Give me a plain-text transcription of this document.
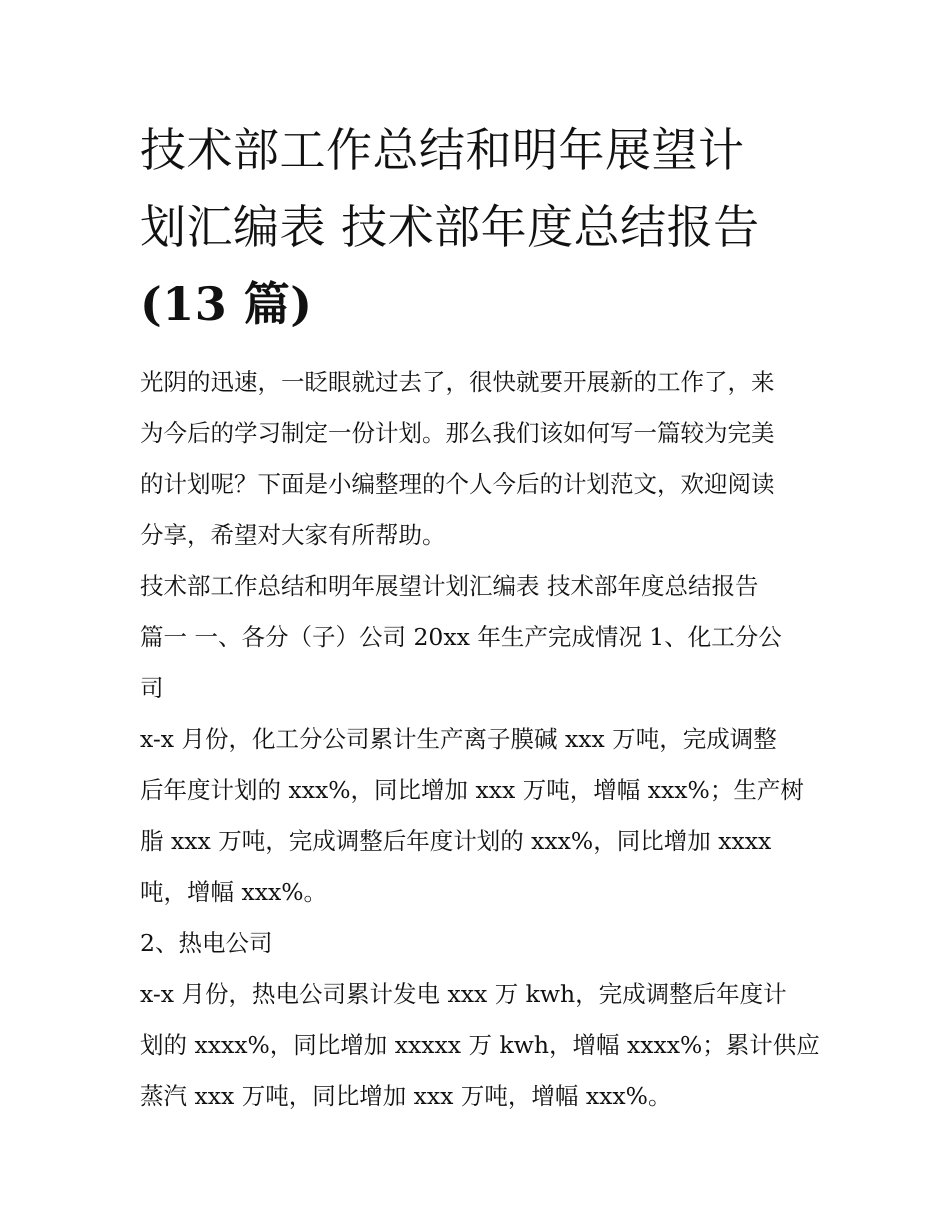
技术部工作总结和明年展望计
划汇编表 技术部年度总结报告
(13 篇)

光阴的迅速，一眨眼就过去了，很快就要开展新的工作了，来
为今后的学习制定一份计划。那么我们该如何写一篇较为完美
的计划呢？下面是小编整理的个人今后的计划范文，欢迎阅读
分享，希望对大家有所帮助。

技术部工作总结和明年展望计划汇编表 技术部年度总结报告
篇一 一、各分（子）公司 20xx 年生产完成情况 1、化工分公
司

x-x 月份，化工分公司累计生产离子膜碱 xxx 万吨，完成调整
后年度计划的 xxx%，同比增加 xxx 万吨，增幅 xxx%；生产树
脂 xxx 万吨，完成调整后年度计划的 xxx%，同比增加 xxxx
吨，增幅 xxx%。

2、热电公司

x-x 月份，热电公司累计发电 xxx 万 kwh，完成调整后年度计
划的 xxxx%，同比增加 xxxxx 万 kwh，增幅 xxxx%；累计供应
蒸汽 xxx 万吨，同比增加 xxx 万吨，增幅 xxx%。
